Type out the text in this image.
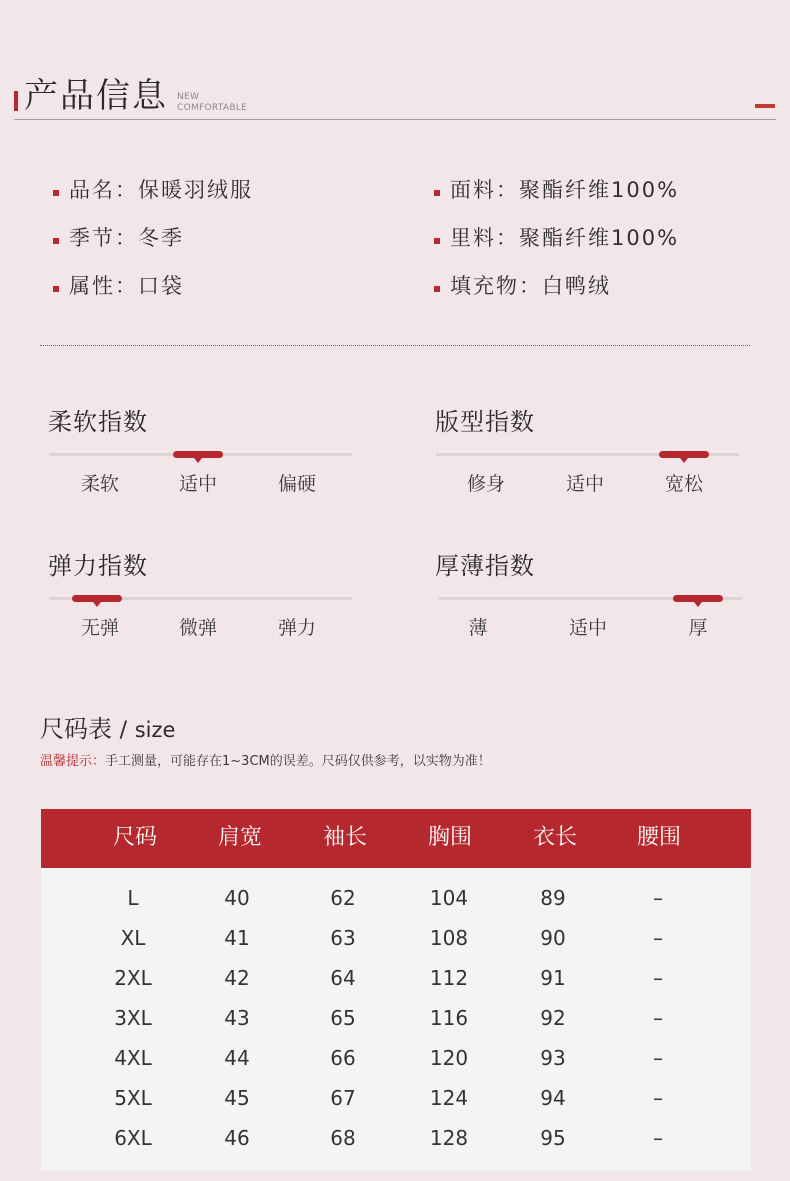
产品信息 NEW
COMFORTABLE
品名：保暖羽绒服
季节：冬季
属性：口袋
面料：聚酯纤维100%
里料：聚酯纤维100%
填充物：白鸭绒
柔软指数
柔软	适中	偏硬
版型指数
修身	适中	宽松
弹力指数
无弹	微弹	弹力
厚薄指数
薄	适中	厚
尺码表 / size
温馨提示：手工测量，可能存在1~3CM的误差。尺码仅供参考，以实物为准！
尺码	肩宽	袖长	胸围	衣长	腰围
L	40	62	104	89	–
XL	41	63	108	90	–
2XL	42	64	112	91	–
3XL	43	65	116	92	–
4XL	44	66	120	93	–
5XL	45	67	124	94	–
6XL	46	68	128	95	–
